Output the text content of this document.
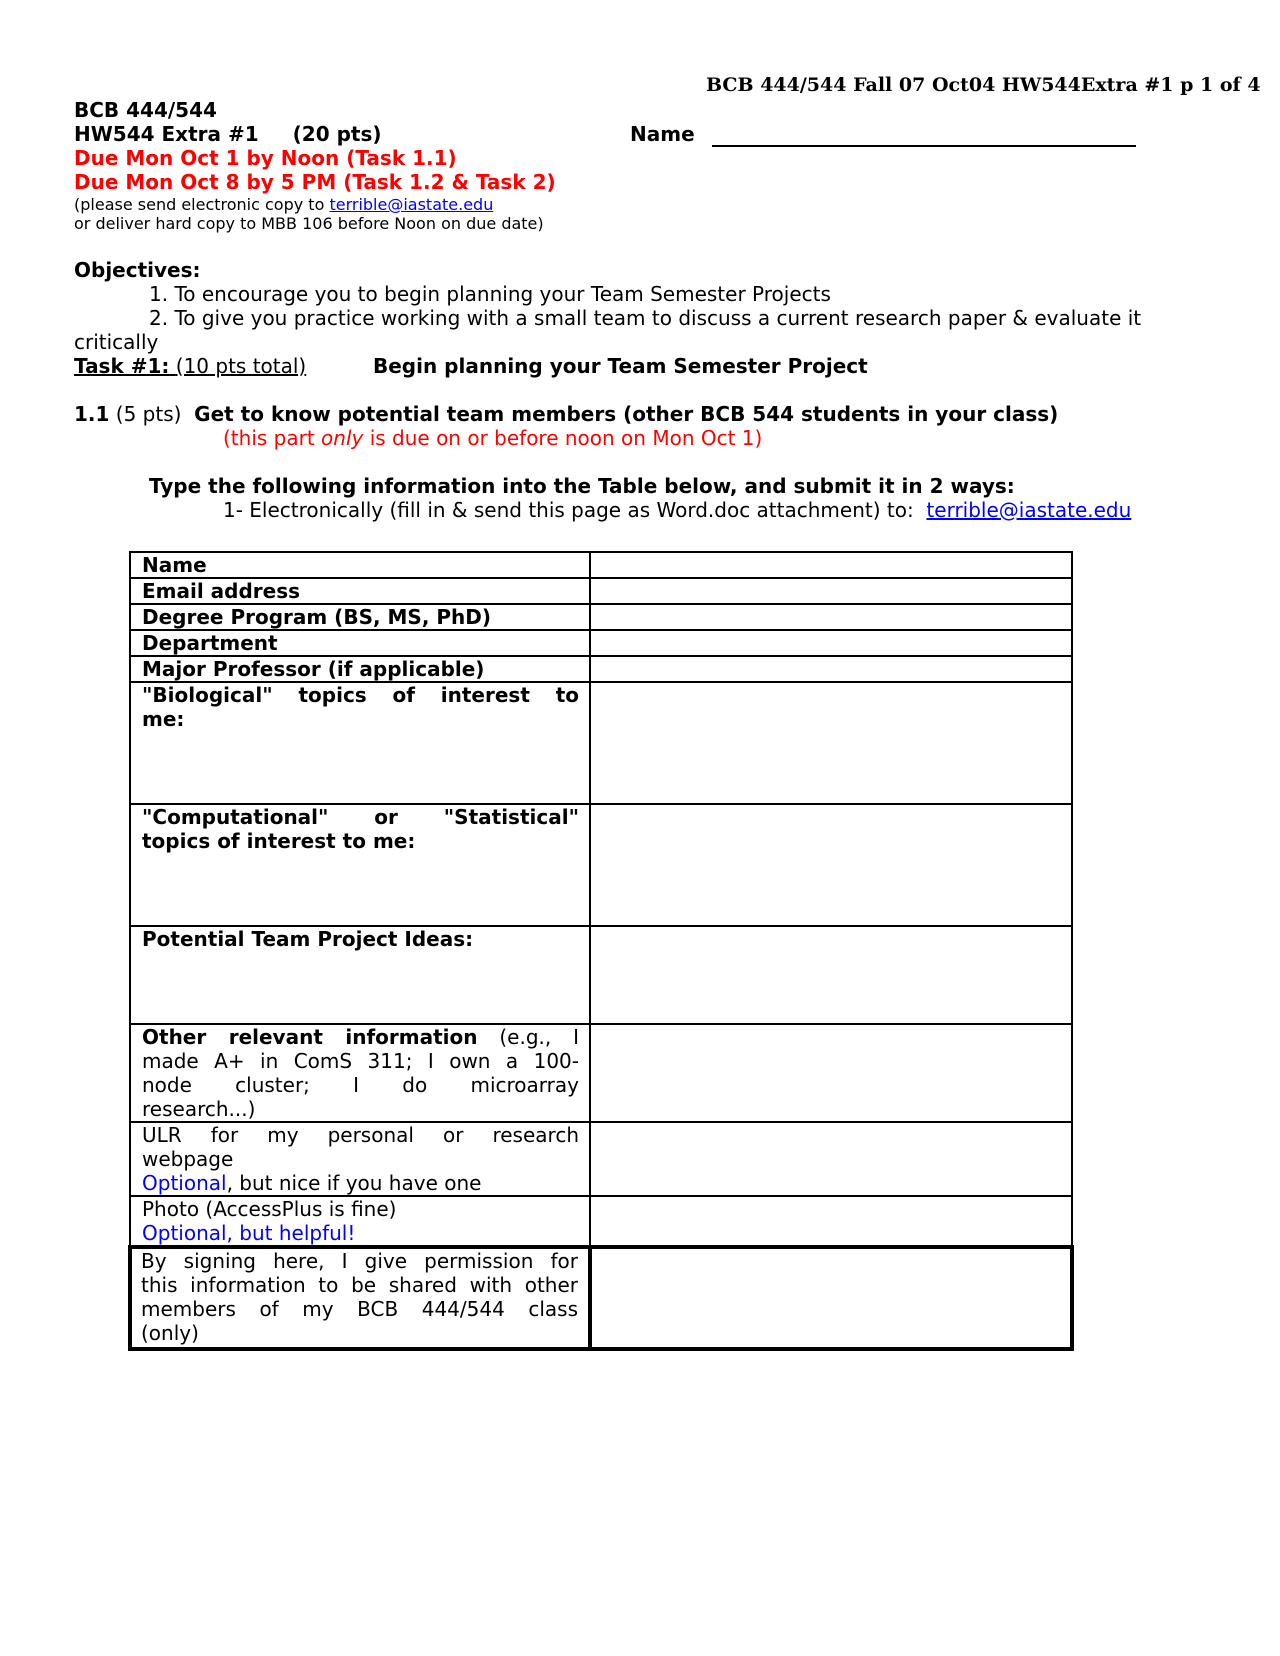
BCB 444/544 Fall 07 Oct04 HW544Extra #1 p 1 of 4
BCB 444/544
HW544 Extra #1 (20 pts)	Name
Due Mon Oct 1 by Noon (Task 1.1)
Due Mon Oct 8 by 5 PM (Task 1.2 & Task 2)
(please send electronic copy to terrible@iastate.edu
or deliver hard copy to MBB 106 before Noon on due date)
Objectives:
1. To encourage you to begin planning your Team Semester Projects
2. To give you practice working with a small team to discuss a current research paper & evaluate it
critically
Task #1: (10 pts total)	Begin planning your Team Semester Project
1.1 (5 pts) Get to know potential team members (other BCB 544 students in your class)
(this part only is due on or before noon on Mon Oct 1)
Type the following information into the Table below, and submit it in 2 ways:
1- Electronically (fill in & send this page as Word.doc attachment) to: terrible@iastate.edu
Name	
Email address	
Degree Program (BS, MS, PhD)	
Department	
Major Professor (if applicable)	

"Biological" topics of interest to
me:	

"Computational" or "Statistical"
topics of interest to me:	

Potential Team Project Ideas:	

Other relevant information (e.g., I
made A+ in ComS 311; I own a 100-
node cluster; I do microarray
research...)	

ULR for my personal or research
webpage
Optional, but nice if you have one	

Photo (AccessPlus is fine)
Optional, but helpful!	

By signing here, I give permission for
this information to be shared with other
members of my BCB 444/544 class
(only)	
